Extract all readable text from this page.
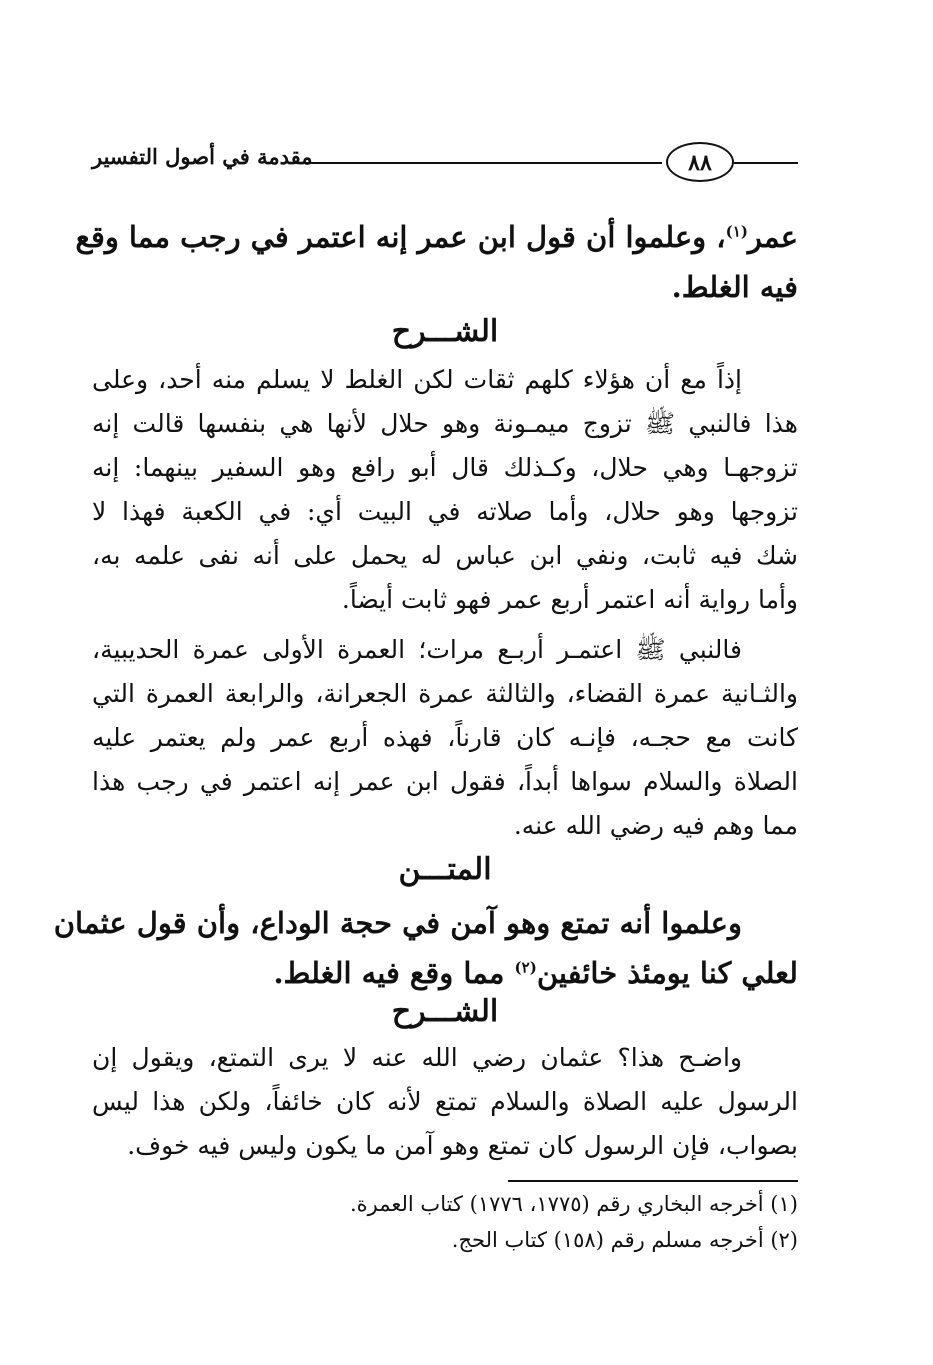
مقدمة في أصول التفسير	٨٨
عمر$^{(١)}$، وعلموا أن قول ابن عمر إنه اعتمر في رجب مما وقع
فيه الغلط.
الشـــرح
إذاً مع أن هؤلاء كلهم ثقات لكن الغلط لا يسلم منه أحد، وعلى
هذا فالنبي ﷺ تزوج ميمـونة وهو حلال لأنها هي بنفسها قالت إنه
تزوجهـا وهي حلال، وكـذلك قال أبو رافع وهو السفير بينهما: إنه
تزوجها وهو حلال، وأما صلاته في البيت أي: في الكعبة فهذا لا
شك فيه ثابت، ونفي ابن عباس له يحمل على أنه نفى علمه به،
وأما رواية أنه اعتمر أربع عمر فهو ثابت أيضاً.
فالنبي ﷺ اعتمـر أربـع مرات؛ العمرة الأولى عمرة الحديبية،
والثـانية عمرة القضاء، والثالثة عمرة الجعرانة، والرابعة العمرة التي
كانت مع حجـه، فإنـه كان قارناً، فهذه أربع عمر ولم يعتمر عليه
الصلاة والسلام سواها أبداً، فقول ابن عمر إنه اعتمر في رجب هذا
مما وهم فيه رضي الله عنه.
المتـــن
وعلموا أنه تمتع وهو آمن في حجة الوداع، وأن قول عثمان
لعلي كنا يومئذ خائفين$^{(٢)}$ مما وقع فيه الغلط.
الشـــرح
واضـح هذا؟ عثمان رضي الله عنه لا يرى التمتع، ويقول إن
الرسول عليه الصلاة والسلام تمتع لأنه كان خائفاً، ولكن هذا ليس
بصواب، فإن الرسول كان تمتع وهو آمن ما يكون وليس فيه خوف.
(١) أخرجه البخاري رقم (١٧٧٥، ١٧٧٦) كتاب العمرة.
(٢) أخرجه مسلم رقم (١٥٨) كتاب الحج.
